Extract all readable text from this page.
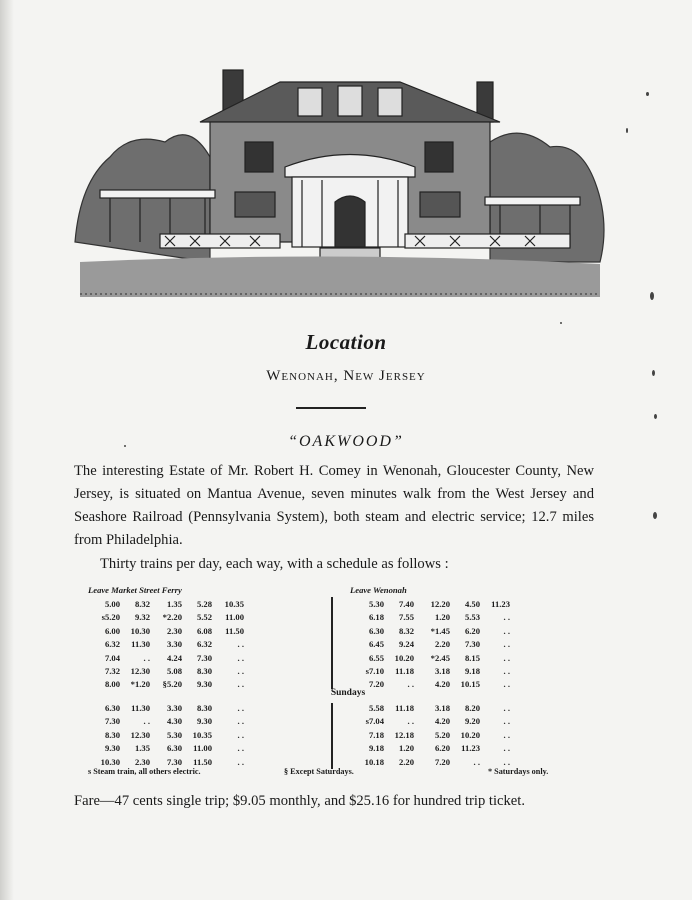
Location
Wenonah, New Jersey
“OAKWOOD”
The interesting Estate of Mr. Robert H. Comey in Wenonah, Gloucester County, New Jersey, is situated on Mantua Avenue, seven minutes walk from the West Jersey and Seashore Railroad (Pennsylvania System), both steam and electric service; 12.7 miles from Philadelphia.
Thirty trains per day, each way, with a schedule as follows :
Leave Market Street Ferry	Leave Wenonah
5.00	8.32	1.35	5.28	10.35
s5.20	9.32	*2.20	5.52	11.00
6.00	10.30	2.30	6.08	11.50
6.32	11.30	3.30	6.32	. .
7.04	. .	4.24	7.30	. .
7.32	12.30	5.08	8.30	. .
8.00	*1.20	§5.20	9.30	. .
5.30	7.40	12.20	4.50	11.23
6.18	7.55	1.20	5.53	. .
6.30	8.32	*1.45	6.20	. .
6.45	9.24	2.20	7.30	. .
6.55	10.20	*2.45	8.15	. .
s7.10	11.18	3.18	9.18	. .
7.20	. .	4.20	10.15	. .
Sundays
6.30	11.30	3.30	8.30	. .
7.30	. .	4.30	9.30	. .
8.30	12.30	5.30	10.35	. .
9.30	1.35	6.30	11.00	. .
10.30	2.30	7.30	11.50	. .
5.58	11.18	3.18	8.20	. .
s7.04	. .	4.20	9.20	. .
7.18	12.18	5.20	10.20	. .
9.18	1.20	6.20	11.23	. .
10.18	2.20	7.20	. .	. .
s Steam train, all others electric.	§ Except Saturdays.	* Saturdays only.
Fare—47 cents single trip; $9.05 monthly, and $25.16 for hundred trip ticket.
